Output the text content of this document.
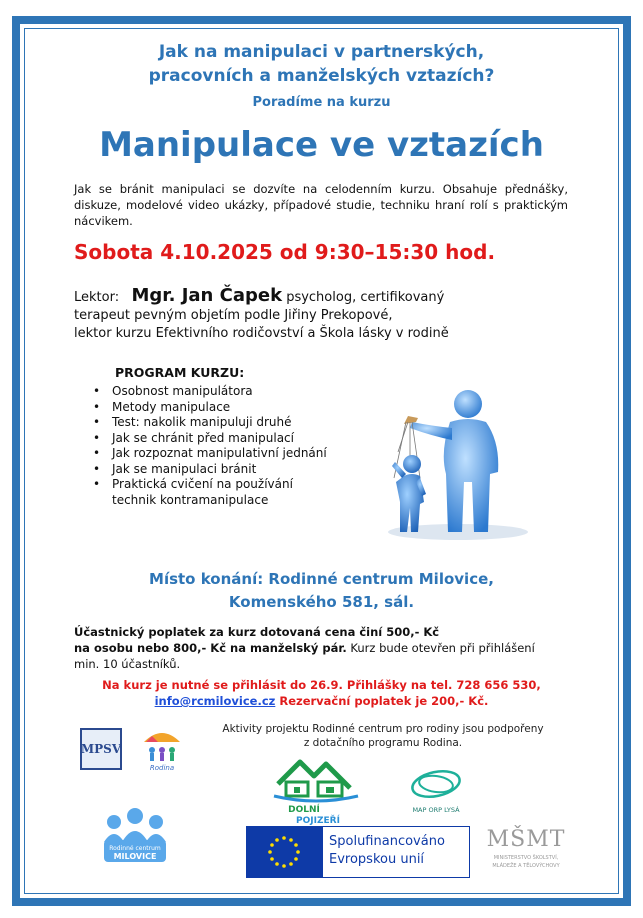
Jak na manipulaci v partnerských,
pracovních a manželských vztazích?
Poradíme na kurzu
Manipulace ve vztazích
Jak se bránit manipulaci se dozvíte na celodenním kurzu. Obsahuje přednášky, diskuze, modelové video ukázky, případové studie, techniku hraní rolí s praktickým nácvikem.
Sobota 4.10.2025 od 9:30–15:30 hod.
Lektor: Mgr. Jan Čapek psycholog, certifikovaný
terapeut pevným objetím podle Jiřiny Prekopové,
lektor kurzu Efektivního rodičovství a Škola lásky v rodině
PROGRAM KURZU:
• Osobnost manipulátora
• Metody manipulace
• Test: nakolik manipuluji druhé
• Jak se chránit před manipulací
• Jak rozpoznat manipulativní jednání
• Jak se manipulaci bránit
• Praktická cvičení na používání technik kontramanipulace
Místo konání: Rodinné centrum Milovice,
Komenského 581, sál.
Účastnický poplatek za kurz dotovaná cena činí 500,- Kč
na osobu nebo 800,- Kč na manželský pár. Kurz bude otevřen při přihlášení min. 10 účastníků.
Na kurz je nutné se přihlásit do 26.9. Přihlášky na tel. 728 656 530,
info@rcmilovice.cz Rezervační poplatek je 200,- Kč.
Aktivity projektu Rodinné centrum pro rodiny jsou podpořeny
z dotačního programu Rodina.
MPSV
Rodina
DOLNÍ
POJIZEŘÍ
MAP ORP LYSÁ
Rodinné centrum
MILOVICE
Spolufinancováno
Evropskou unií
MŠMT
MINISTERSTVO ŠKOLSTVÍ,
MLÁDEŽE A TĚLOVÝCHOVY
